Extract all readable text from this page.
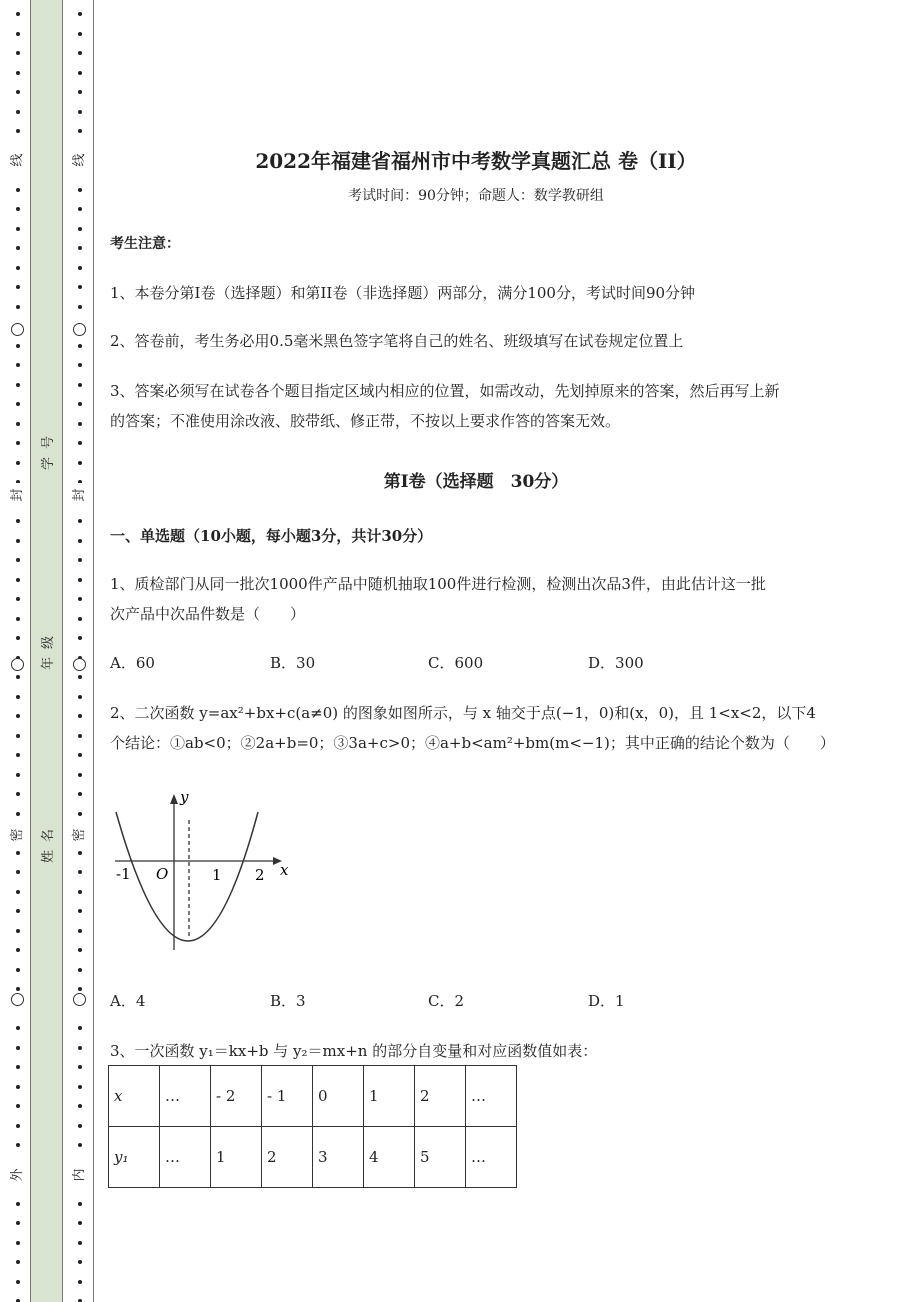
线
封
密
外
学号
年级
姓名
线
封
密
内
2022年福建省福州市中考数学真题汇总 卷（II）
考试时间：90分钟；命题人：数学教研组
考生注意：
1、本卷分第I卷（选择题）和第II卷（非选择题）两部分，满分100分，考试时间90分钟
2、答卷前，考生务必用0.5毫米黑色签字笔将自己的姓名、班级填写在试卷规定位置上
3、答案必须写在试卷各个题目指定区域内相应的位置，如需改动，先划掉原来的答案，然后再写上新
的答案；不准使用涂改液、胶带纸、修正带，不按以上要求作答的答案无效。
第I卷（选择题　30分）
一、单选题（10小题，每小题3分，共计30分）
1、质检部门从同一批次1000件产品中随机抽取100件进行检测，检测出次品3件，由此估计这一批
次产品中次品件数是（　　）
A．60	B．30	C．600	D．300
2、二次函数 y=ax²+bx+c(a≠0) 的图象如图所示，与 x 轴交于点(−1，0)和(x，0)，且 1<x<2，以下4
个结论：①ab<0；②2a+b=0；③3a+c>0；④a+b<am²+bm(m<−1)；其中正确的结论个数为（　　）
y
x
O
-1	1 2
A．4	B．3	C．2	D．1
3、一次函数 y₁＝kx+b 与 y₂＝mx+n 的部分自变量和对应函数值如表：
x	…	- 2	- 1	0	1	2	…
y₁	…	1	2	3	4	5	…
